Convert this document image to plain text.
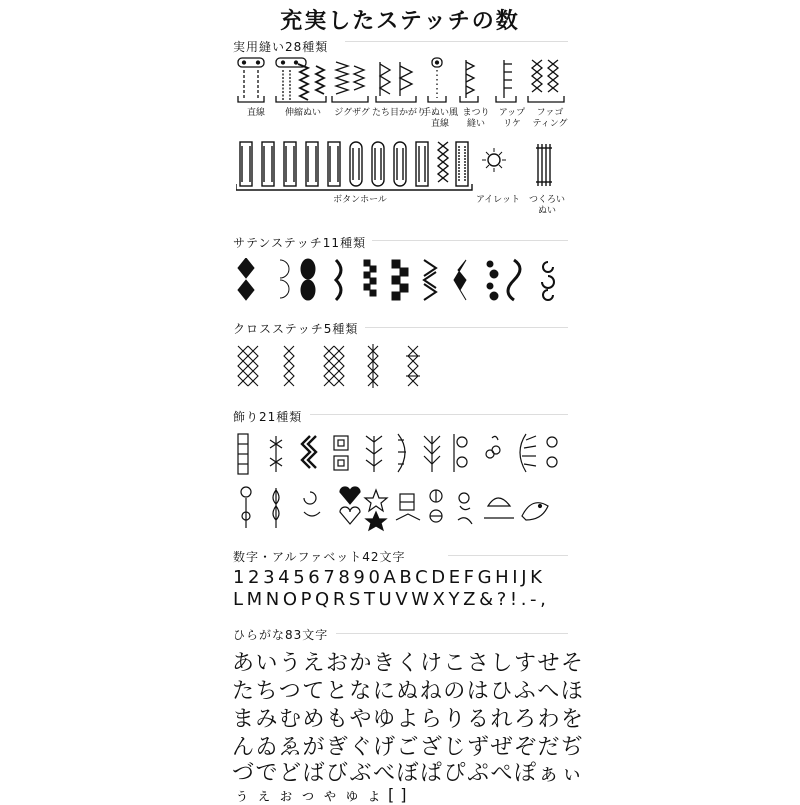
充実したステッチの数
実用縫い28種類
直線	伸縮ぬい	ジグザグ たち目かがり
手ぬい風
直線
まつり
縫い
アップ
リケ
ファゴ
ティング
ボタンホール	アイレット つくろい
ぬい
サテンステッチ11種類
クロスステッチ5種類
飾り21種類
数字・アルファベット42文字
1234567890ABCDEFGHIJK
LMNOPQRSTUVWXYZ&?!.-,
ひらがな83文字
あいうえおかきくけこさしすせそ
たちつてとなにぬねのはひふへほ
まみむめもやゆよらりるれろわを
んゐゑがぎぐげござじずぜぞだぢ
づでどばびぶべぼぱぴぷぺぽぁぃ
ぅぇぉっゃゅょ[]
